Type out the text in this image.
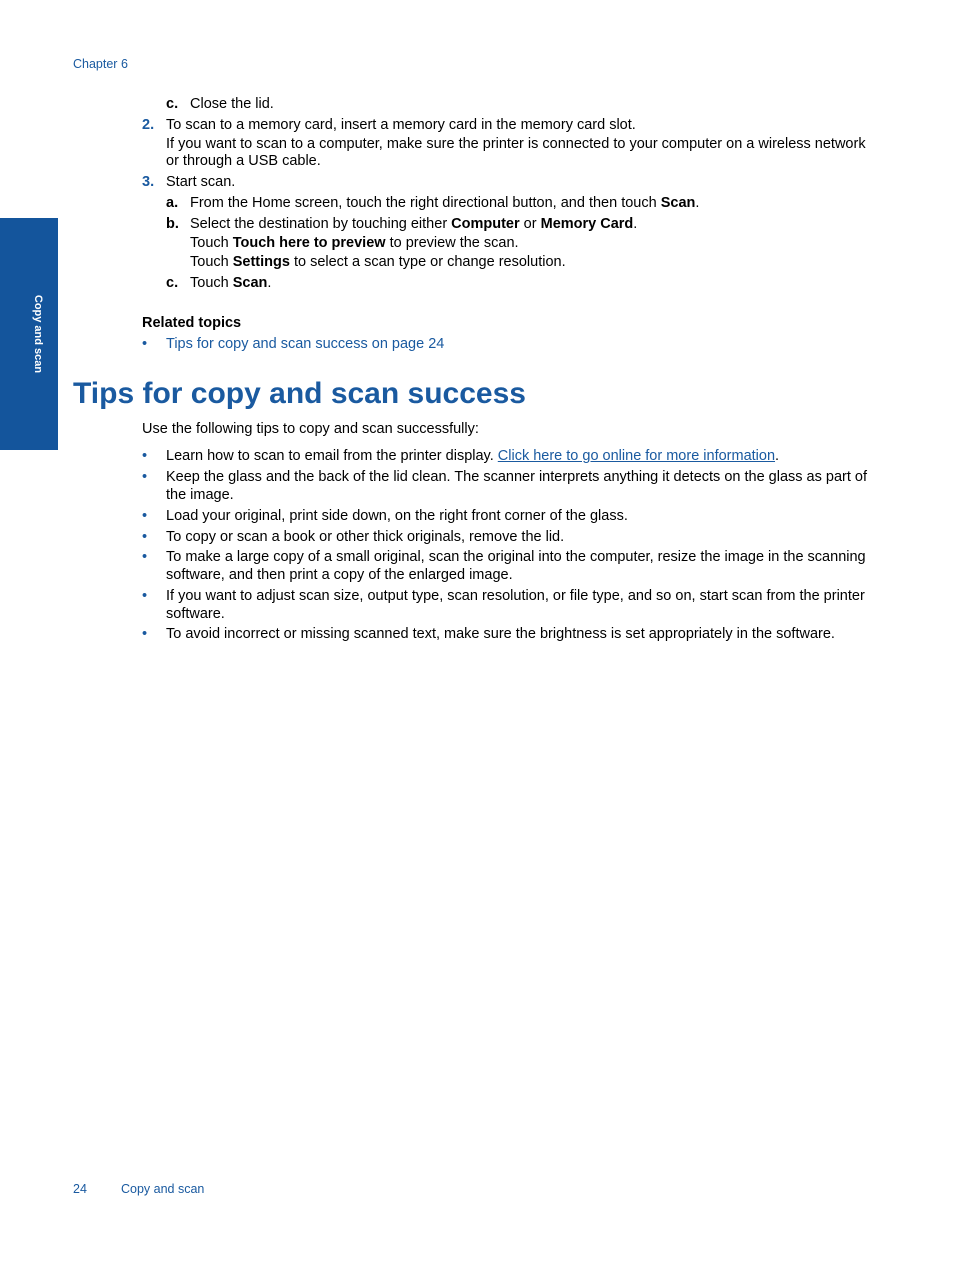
Chapter 6
Copy and scan
c. Close the lid.
2. To scan to a memory card, insert a memory card in the memory card slot.
If you want to scan to a computer, make sure the printer is connected to your computer on a wireless network
or through a USB cable.
3. Start scan.
a. From the Home screen, touch the right directional button, and then touch Scan.
b. Select the destination by touching either Computer or Memory Card.
Touch Touch here to preview to preview the scan.
Touch Settings to select a scan type or change resolution.
c. Touch Scan.
Related topics
• Tips for copy and scan success on page 24
Tips for copy and scan success
Use the following tips to copy and scan successfully:
• Learn how to scan to email from the printer display. Click here to go online for more information.
• Keep the glass and the back of the lid clean. The scanner interprets anything it detects on the glass as part of
the image.
• Load your original, print side down, on the right front corner of the glass.
• To copy or scan a book or other thick originals, remove the lid.
• To make a large copy of a small original, scan the original into the computer, resize the image in the scanning
software, and then print a copy of the enlarged image.
• If you want to adjust scan size, output type, scan resolution, or file type, and so on, start scan from the printer
software.
• To avoid incorrect or missing scanned text, make sure the brightness is set appropriately in the software.
24	Copy and scan
